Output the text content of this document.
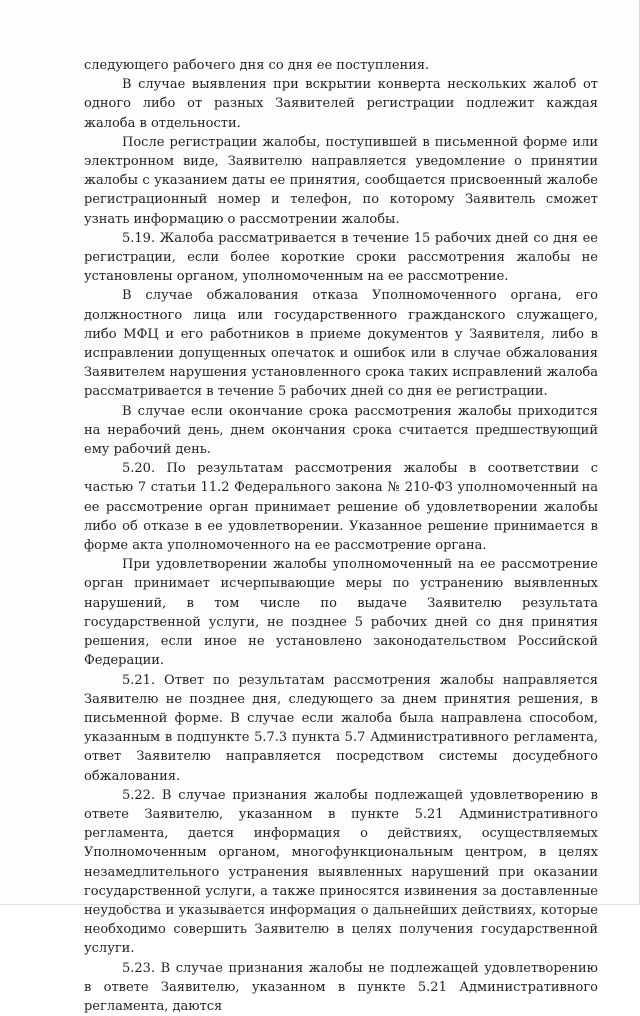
следующего рабочего дня со дня ее поступления.

В случае выявления при вскрытии конверта нескольких жалоб от одного либо от разных Заявителей регистрации подлежит каждая жалоба в отдельности.

После регистрации жалобы, поступившей в письменной форме или электронном виде, Заявителю направляется уведомление о принятии жалобы с указанием даты ее принятия, сообщается присвоенный жалобе регистрационный номер и телефон, по которому Заявитель сможет узнать информацию о рассмотрении жалобы.

5.19. Жалоба рассматривается в течение 15 рабочих дней со дня ее регистрации, если более короткие сроки рассмотрения жалобы не установлены органом, уполномоченным на ее рассмотрение.

В случае обжалования отказа Уполномоченного органа, его должностного лица или государственного гражданского служащего, либо МФЦ и его работников в приеме документов у Заявителя, либо в исправлении допущенных опечаток и ошибок или в случае обжалования Заявителем нарушения установленного срока таких исправлений жалоба рассматривается в течение 5 рабочих дней со дня ее регистрации.

В случае если окончание срока рассмотрения жалобы приходится на нерабочий день, днем окончания срока считается предшествующий ему рабочий день.

5.20. По результатам рассмотрения жалобы в соответствии с частью 7 статьи 11.2 Федерального закона № 210-ФЗ уполномоченный на ее рассмотрение орган принимает решение об удовлетворении жалобы либо об отказе в ее удовлетворении. Указанное решение принимается в форме акта уполномоченного на ее рассмотрение органа.

При удовлетворении жалобы уполномоченный на ее рассмотрение орган принимает исчерпывающие меры по устранению выявленных нарушений, в том числе по выдаче Заявителю результата государственной услуги, не позднее 5 рабочих дней со дня принятия решения, если иное не установлено законодательством Российской Федерации.

5.21. Ответ по результатам рассмотрения жалобы направляется Заявителю не позднее дня, следующего за днем принятия решения, в письменной форме. В случае если жалоба была направлена способом, указанным в подпункте 5.7.3 пункта 5.7 Административного регламента, ответ Заявителю направляется посредством системы досудебного обжалования.

5.22. В случае признания жалобы подлежащей удовлетворению в ответе Заявителю, указанном в пункте 5.21 Административного регламента, дается информация о действиях, осуществляемых Уполномоченным органом, многофункциональным центром, в целях незамедлительного устранения выявленных нарушений при оказании государственной услуги, а также приносятся извинения за доставленные неудобства и указывается информация о дальнейших действиях, которые необходимо совершить Заявителю в целях получения государственной услуги.

5.23. В случае признания жалобы не подлежащей удовлетворению в ответе Заявителю, указанном в пункте 5.21 Административного регламента, даются
